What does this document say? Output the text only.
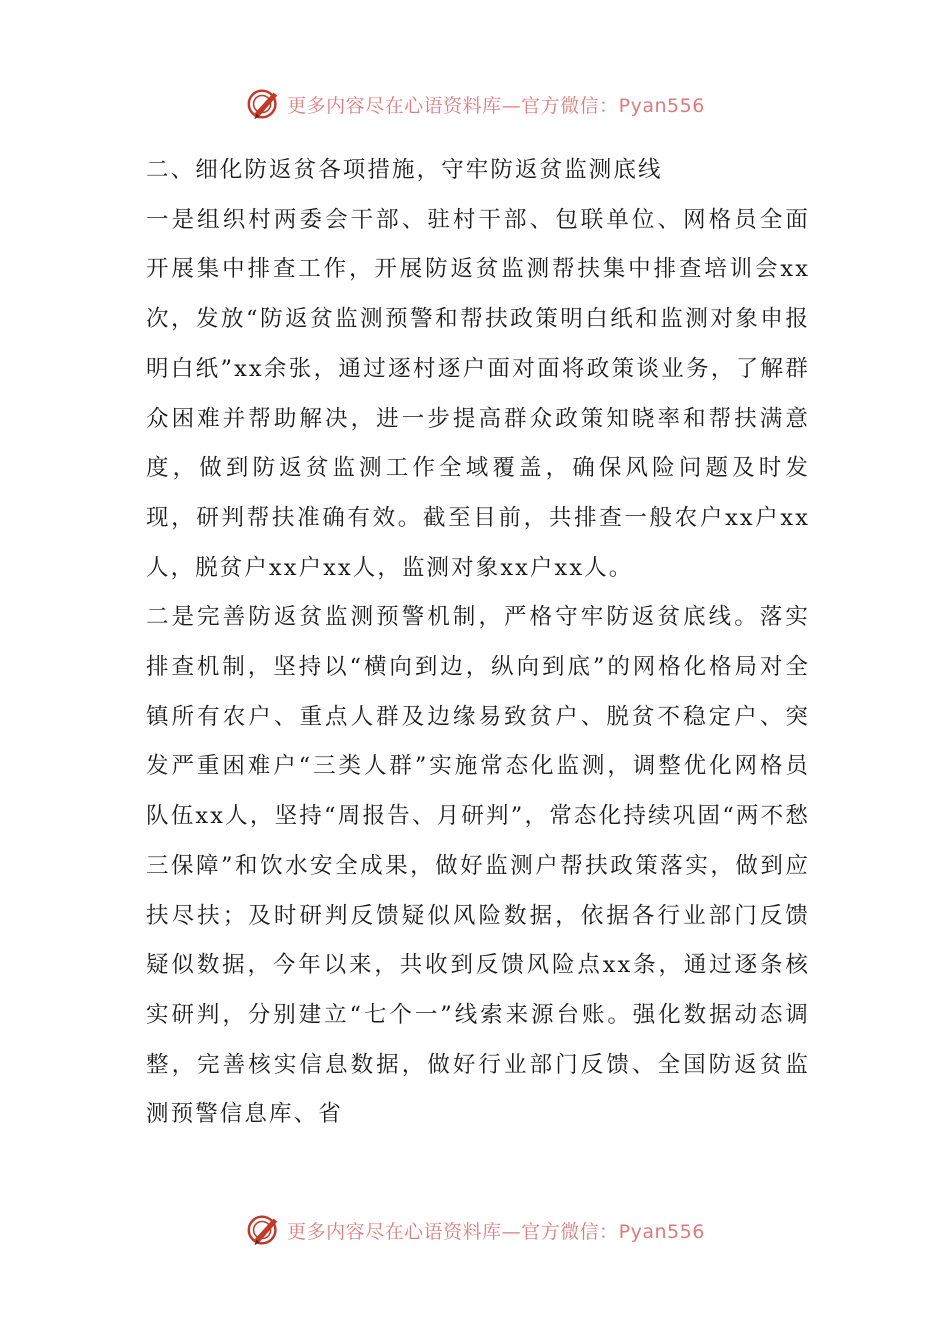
更多内容尽在心语资料库—官方微信：Pyan556

二、细化防返贫各项措施，守牢防返贫监测底线

一是组织村两委会干部、驻村干部、包联单位、网格员全面开展集中排查工作，开展防返贫监测帮扶集中排查培训会xx次，发放“防返贫监测预警和帮扶政策明白纸和监测对象申报明白纸”xx余张，通过逐村逐户面对面将政策谈业务，了解群众困难并帮助解决，进一步提高群众政策知晓率和帮扶满意度，做到防返贫监测工作全域覆盖，确保风险问题及时发现，研判帮扶准确有效。截至目前，共排查一般农户xx户xx人，脱贫户xx户xx人，监测对象xx户xx人。

二是完善防返贫监测预警机制，严格守牢防返贫底线。落实排查机制，坚持以“横向到边，纵向到底”的网格化格局对全镇所有农户、重点人群及边缘易致贫户、脱贫不稳定户、突发严重困难户“三类人群”实施常态化监测，调整优化网格员队伍xx人，坚持“周报告、月研判”，常态化持续巩固“两不愁三保障”和饮水安全成果，做好监测户帮扶政策落实，做到应扶尽扶；及时研判反馈疑似风险数据，依据各行业部门反馈疑似数据，今年以来，共收到反馈风险点xx条，通过逐条核实研判，分别建立“七个一”线索来源台账。强化数据动态调整，完善核实信息数据，做好行业部门反馈、全国防返贫监测预警信息库、省

更多内容尽在心语资料库—官方微信：Pyan556
